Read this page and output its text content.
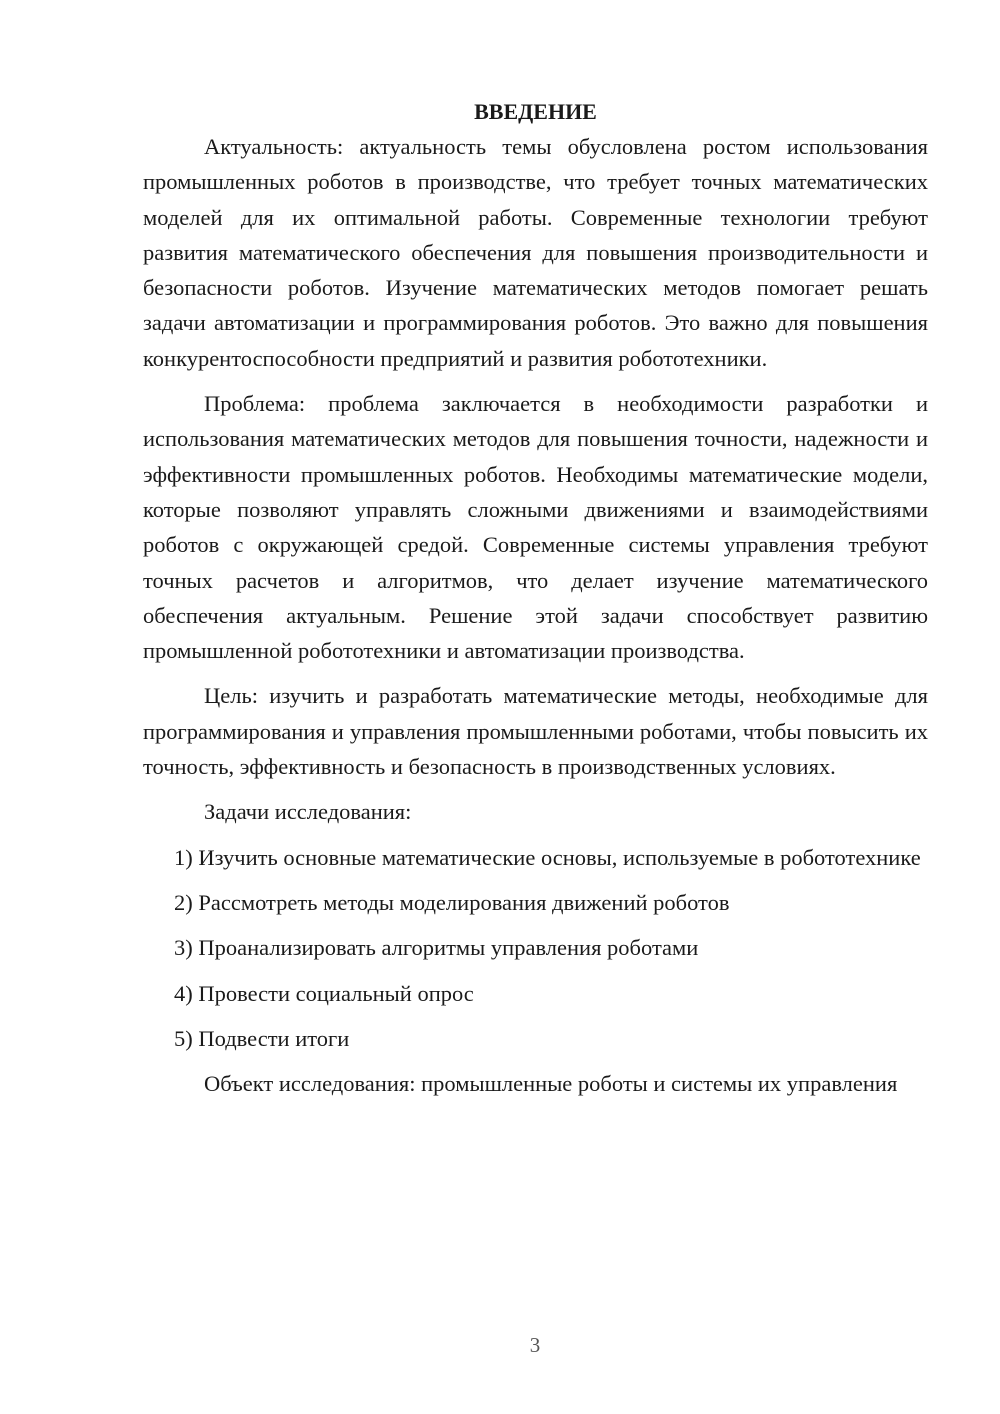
ВВЕДЕНИЕ

Актуальность: актуальность темы обусловлена ростом использования промышленных роботов в производстве, что требует точных математических моделей для их оптимальной работы. Современные технологии требуют развития математического обеспечения для повышения производительности и безопасности роботов. Изучение математических методов помогает решать задачи автоматизации и программирования роботов. Это важно для повышения конкурентоспособности предприятий и развития робототехники.

Проблема: проблема заключается в необходимости разработки и использования математических методов для повышения точности, надежности и эффективности промышленных роботов. Необходимы математические модели, которые позволяют управлять сложными движениями и взаимодействиями роботов с окружающей средой. Современные системы управления требуют точных расчетов и алгоритмов, что делает изучение математического обеспечения актуальным. Решение этой задачи способствует развитию промышленной робототехники и автоматизации производства.

Цель: изучить и разработать математические методы, необходимые для программирования и управления промышленными роботами, чтобы повысить их точность, эффективность и безопасность в производственных условиях.

Задачи исследования:

1) Изучить основные математические основы, используемые в робототехнике

2) Рассмотреть методы моделирования движений роботов

3) Проанализировать алгоритмы управления роботами

4) Провести социальный опрос

5) Подвести итоги

Объект исследования: промышленные роботы и системы их управления

3
